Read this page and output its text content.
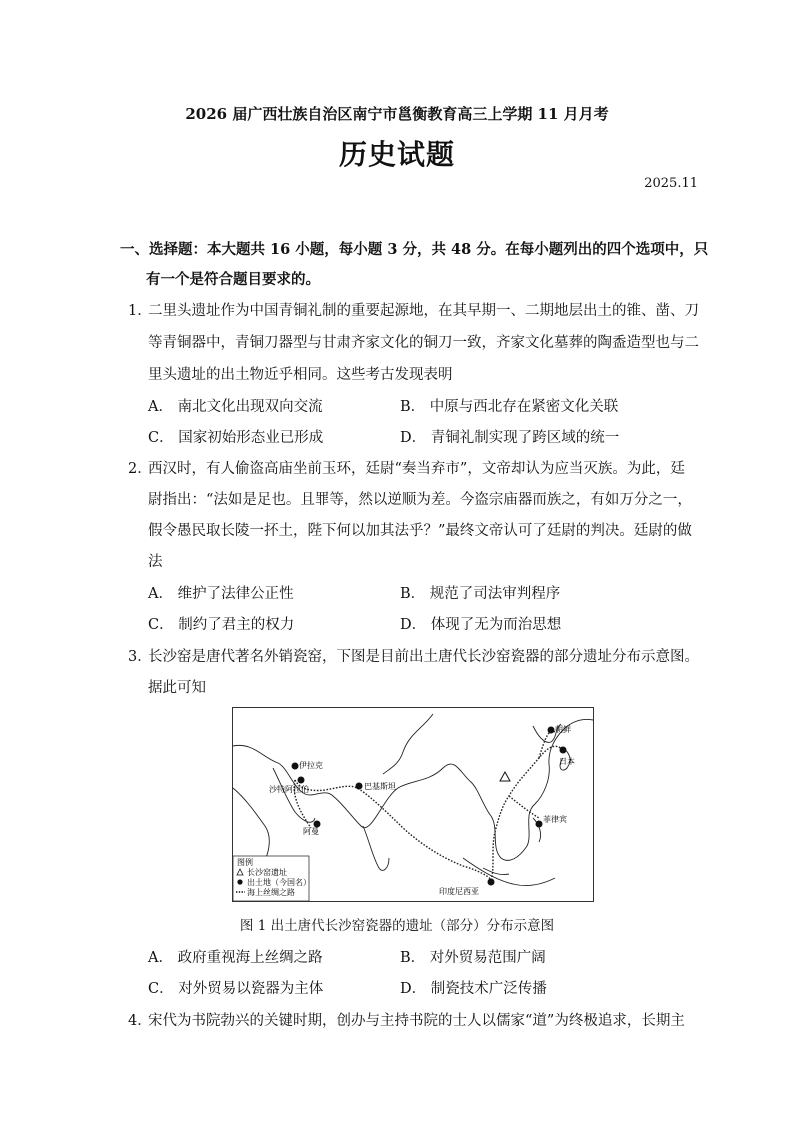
2026 届广西壮族自治区南宁市邕衡教育高三上学期 11 月月考
历史试题
2025.11
一、选择题：本大题共 16 小题，每小题 3 分，共 48 分。在每小题列出的四个选项中，只
有一个是符合题目要求的。
1．
二里头遗址作为中国青铜礼制的重要起源地，在其早期一、二期地层出土的锥、凿、刀
等青铜器中，青铜刀器型与甘肃齐家文化的铜刀一致，齐家文化墓葬的陶盉造型也与二
里头遗址的出土物近乎相同。这些考古发现表明
A． 南北文化出现双向交流	B． 中原与西北存在紧密文化关联
C． 国家初始形态业已形成	D． 青铜礼制实现了跨区域的统一
2．
西汉时，有人偷盗高庙坐前玉环，廷尉“奏当弃市”，文帝却认为应当灭族。为此，廷
尉指出：“法如是足也。且罪等，然以逆顺为差。今盗宗庙器而族之，有如万分之一，
假令愚民取长陵一抔土，陛下何以加其法乎？”最终文帝认可了廷尉的判决。廷尉的做
法
A． 维护了法律公正性	B． 规范了司法审判程序
C． 制约了君主的权力	D． 体现了无为而治思想
3．
长沙窑是唐代著名外销瓷窑，下图是目前出土唐代长沙窑瓷器的部分遗址分布示意图。
据此可知
朝鲜
日本
伊拉克
沙特阿拉伯
阿曼
巴基斯坦
菲律宾
印度尼西亚
图例
长沙窑遗址
出土地（今国名）
海上丝绸之路
图 1 出土唐代长沙窑瓷器的遗址（部分）分布示意图
A． 政府重视海上丝绸之路	B． 对外贸易范围广阔
C． 对外贸易以瓷器为主体	D． 制瓷技术广泛传播
4．
宋代为书院勃兴的关键时期，创办与主持书院的士人以儒家“道”为终极追求，长期主
